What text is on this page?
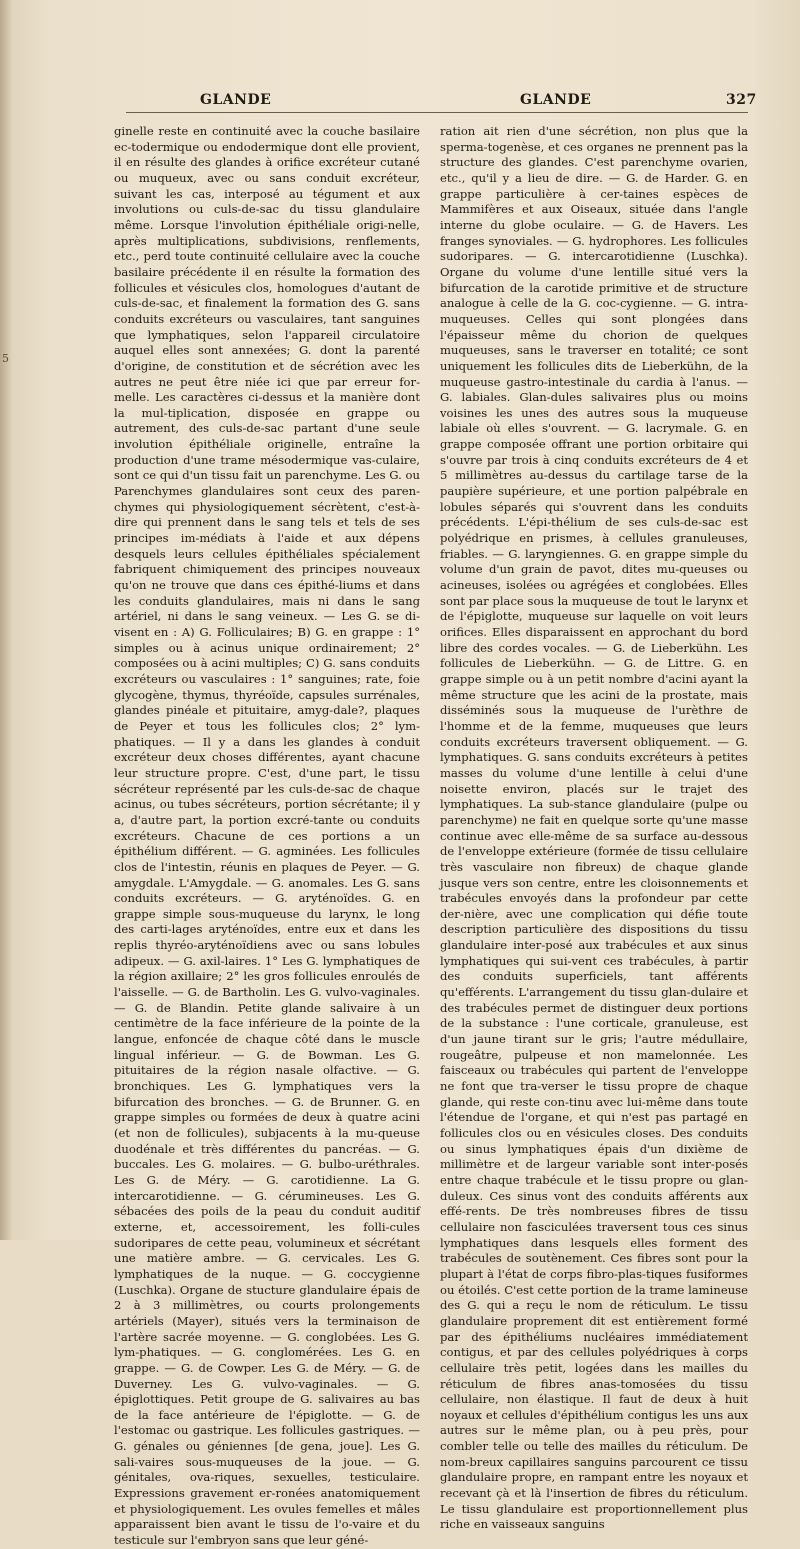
GLANDE	GLANDE	327
5

ginelle reste en continuité avec la couche basilaire ec-todermique ou endodermique dont elle provient, il en résulte des glandes à orifice excréteur cutané ou muqueux, avec ou sans conduit excréteur, suivant les cas, interposé au tégument et aux involutions ou culs-de-sac du tissu glandulaire même. Lorsque l'involution épithéliale origi-nelle, après multiplications, subdivisions, renflements, etc., perd toute continuité cellulaire avec la couche basilaire précédente il en résulte la formation des follicules et vésicules clos, homologues d'autant de culs-de-sac, et finalement la formation des G. sans conduits excréteurs ou vasculaires, tant sanguines que lymphatiques, selon l'appareil circulatoire auquel elles sont annexées; G. dont la parenté d'origine, de constitution et de sécrétion avec les autres ne peut être niée ici que par erreur for-melle. Les caractères ci-dessus et la manière dont la mul-tiplication, disposée en grappe ou autrement, des culs-de-sac partant d'une seule involution épithéliale originelle, entraîne la production d'une trame mésodermique vas-culaire, sont ce qui d'un tissu fait un parenchyme. Les G. ou Parenchymes glandulaires sont ceux des paren-chymes qui physiologiquement sécrètent, c'est-à-dire qui prennent dans le sang tels et tels de ses principes im-médiats à l'aide et aux dépens desquels leurs cellules épithéliales spécialement fabriquent chimiquement des principes nouveaux qu'on ne trouve que dans ces épithé-liums et dans les conduits glandulaires, mais ni dans le sang artériel, ni dans le sang veineux. — Les G. se di-visent en : A) G. Folliculaires; B) G. en grappe : 1° simples ou à acinus unique ordinairement; 2° composées ou à acini multiples; C) G. sans conduits excréteurs ou vasculaires : 1° sanguines; rate, foie glycogène, thymus, thyréoïde, capsules surrénales, glandes pinéale et pituitaire, amyg-dale?, plaques de Peyer et tous les follicules clos; 2° lym-phatiques. — Il y a dans les glandes à conduit excréteur deux choses différentes, ayant chacune leur structure propre. C'est, d'une part, le tissu sécréteur représenté par les culs-de-sac de chaque acinus, ou tubes sécréteurs, portion sécrétante; il y a, d'autre part, la portion excré-tante ou conduits excréteurs. Chacune de ces portions a un épithélium différent. — G. agminées. Les follicules clos de l'intestin, réunis en plaques de Peyer. — G. amygdale. L'Amygdale. — G. anomales. Les G. sans conduits excréteurs. — G. aryténoïdes. G. en grappe simple sous-muqueuse du larynx, le long des carti-lages aryténoïdes, entre eux et dans les replis thyréo-aryténoïdiens avec ou sans lobules adipeux. — G. axil-laires. 1° Les G. lymphatiques de la région axillaire; 2° les gros follicules enroulés de l'aisselle. — G. de Bartholin. Les G. vulvo-vaginales. — G. de Blandin. Petite glande salivaire à un centimètre de la face inférieure de la pointe de la langue, enfoncée de chaque côté dans le muscle lingual inférieur. — G. de Bowman. Les G. pituitaires de la région nasale olfactive. — G. bronchiques. Les G. lymphatiques vers la bifurcation des bronches. — G. de Brunner. G. en grappe simples ou formées de deux à quatre acini (et non de follicules), subjacents à la mu-queuse duodénale et très différentes du pancréas. — G. buccales. Les G. molaires. — G. bulbo-uréthrales. Les G. de Méry. — G. carotidienne. La G. intercarotidienne. — G. cérumineuses. Les G. sébacées des poils de la peau du conduit auditif externe, et, accessoirement, les folli-cules sudoripares de cette peau, volumineux et sécrétant une matière ambre. — G. cervicales. Les G. lymphatiques de la nuque. — G. coccygienne (Luschka). Organe de stucture glandulaire épais de 2 à 3 millimètres, ou courts prolongements artériels (Mayer), situés vers la terminaison de l'artère sacrée moyenne. — G. conglobées. Les G. lym-phatiques. — G. conglomérées. Les G. en grappe. — G. de Cowper. Les G. de Méry. — G. de Duverney. Les G. vulvo-vaginales. — G. épiglottiques. Petit groupe de G. salivaires au bas de la face antérieure de l'épiglotte. — G. de l'estomac ou gastrique. Les follicules gastriques. — G. génales ou géniennes [de gena, joue]. Les G. sali-vaires sous-muqueuses de la joue. — G. génitales, ova-riques, sexuelles, testiculaire. Expressions gravement er-ronées anatomiquement et physiologiquement. Les ovules femelles et mâles apparaissent bien avant le tissu de l'o-vaire et du testicule sur l'embryon sans que leur géné-

ration ait rien d'une sécrétion, non plus que la sperma-togenèse, et ces organes ne prennent pas la structure des glandes. C'est parenchyme ovarien, etc., qu'il y a lieu de dire. — G. de Harder. G. en grappe particulière à cer-taines espèces de Mammifères et aux Oiseaux, située dans l'angle interne du globe oculaire. — G. de Havers. Les franges synoviales. — G. hydrophores. Les follicules sudoripares. — G. intercarotidienne (Luschka). Organe du volume d'une lentille situé vers la bifurcation de la carotide primitive et de structure analogue à celle de la G. coc-cygienne. — G. intra-muqueuses. Celles qui sont plongées dans l'épaisseur même du chorion de quelques muqueuses, sans le traverser en totalité; ce sont uniquement les follicules dits de Lieberkühn, de la muqueuse gastro-intestinale du cardia à l'anus. — G. labiales. Glan-dules salivaires plus ou moins voisines les unes des autres sous la muqueuse labiale où elles s'ouvrent. — G. lacrymale. G. en grappe composée offrant une portion orbitaire qui s'ouvre par trois à cinq conduits excréteurs de 4 et 5 millimètres au-dessus du cartilage tarse de la paupière supérieure, et une portion palpébrale en lobules séparés qui s'ouvrent dans les conduits précédents. L'épi-thélium de ses culs-de-sac est polyédrique en prismes, à cellules granuleuses, friables. — G. laryngiennes. G. en grappe simple du volume d'un grain de pavot, dites mu-queuses ou acineuses, isolées ou agrégées et conglobées. Elles sont par place sous la muqueuse de tout le larynx et de l'épiglotte, muqueuse sur laquelle on voit leurs orifices. Elles disparaissent en approchant du bord libre des cordes vocales. — G. de Lieberkühn. Les follicules de Lieberkühn. — G. de Littre. G. en grappe simple ou à un petit nombre d'acini ayant la même structure que les acini de la prostate, mais disséminés sous la muqueuse de l'urèthre de l'homme et de la femme, muqueuses que leurs conduits excréteurs traversent obliquement. — G. lymphatiques. G. sans conduits excréteurs à petites masses du volume d'une lentille à celui d'une noisette environ, placés sur le trajet des lymphatiques. La sub-stance glandulaire (pulpe ou parenchyme) ne fait en quelque sorte qu'une masse continue avec elle-même de sa surface au-dessous de l'enveloppe extérieure (formée de tissu cellulaire très vasculaire non fibreux) de chaque glande jusque vers son centre, entre les cloisonnements et trabécules envoyés dans la profondeur par cette der-nière, avec une complication qui défie toute description particulière des dispositions du tissu glandulaire inter-posé aux trabécules et aux sinus lymphatiques qui sui-vent ces trabécules, à partir des conduits superficiels, tant afférents qu'efférents. L'arrangement du tissu glan-dulaire et des trabécules permet de distinguer deux portions de la substance : l'une corticale, granuleuse, est d'un jaune tirant sur le gris; l'autre médullaire, rougeâtre, pulpeuse et non mamelonnée. Les faisceaux ou trabécules qui partent de l'enveloppe ne font que tra-verser le tissu propre de chaque glande, qui reste con-tinu avec lui-même dans toute l'étendue de l'organe, et qui n'est pas partagé en follicules clos ou en vésicules closes. Des conduits ou sinus lymphatiques épais d'un dixième de millimètre et de largeur variable sont inter-posés entre chaque trabécule et le tissu propre ou glan-duleux. Ces sinus vont des conduits afférents aux effé-rents. De très nombreuses fibres de tissu cellulaire non fasciculées traversent tous ces sinus lymphatiques dans lesquels elles forment des trabécules de soutènement. Ces fibres sont pour la plupart à l'état de corps fibro-plas-tiques fusiformes ou étoilés. C'est cette portion de la trame lamineuse des G. qui a reçu le nom de réticulum. Le tissu glandulaire proprement dit est entièrement formé par des épithéliums nucléaires immédiatement contigus, et par des cellules polyédriques à corps cellulaire très petit, logées dans les mailles du réticulum de fibres anas-tomosées du tissu cellulaire, non élastique. Il faut de deux à huit noyaux et cellules d'épithélium contigus les uns aux autres sur le même plan, ou à peu près, pour combler telle ou telle des mailles du réticulum. De nom-breux capillaires sanguins parcourent ce tissu glandulaire propre, en rampant entre les noyaux et recevant çà et là l'insertion de fibres du réticulum. Le tissu glandulaire est proportionnellement plus riche en vaisseaux sanguins
